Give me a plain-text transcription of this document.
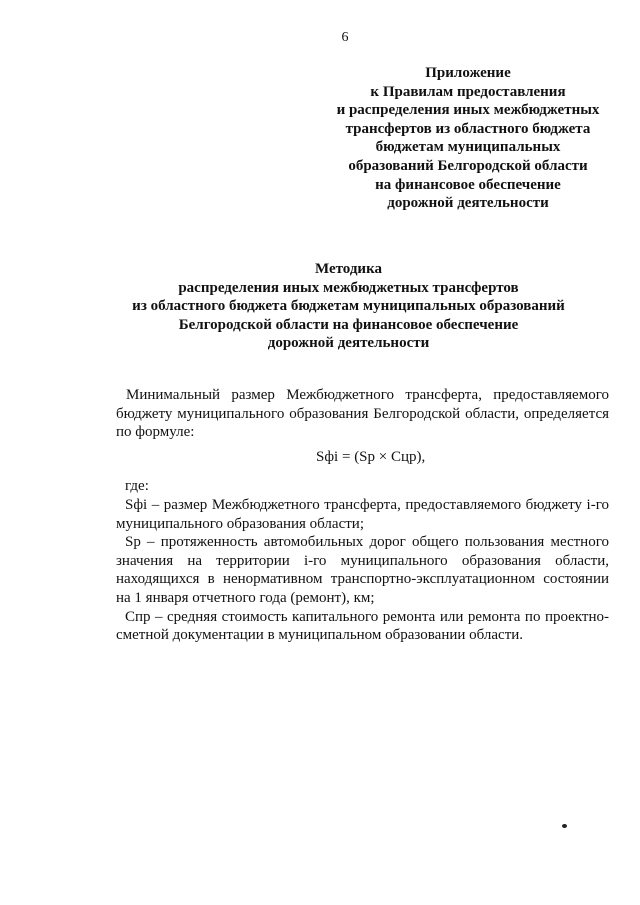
6
Приложение
к Правилам предоставления
и распределения иных межбюджетных
трансфертов из областного бюджета
бюджетам муниципальных
образований Белгородской области
на финансовое обеспечение
дорожной деятельности
Методика
распределения иных межбюджетных трансфертов
из областного бюджета бюджетам муниципальных образований
Белгородской области на финансовое обеспечение
дорожной деятельности
Минимальный размер Межбюджетного трансферта, предоставляемого бюджету муниципального образования Белгородской области, определяется по формуле:
Sфi = (Sp × Сцр),
где:
Sфi – размер Межбюджетного трансферта, предоставляемого бюджету i-го муниципального образования области;
Sp – протяженность автомобильных дорог общего пользования местного значения на территории i-го муниципального образования области, находящихся в ненормативном транспортно-эксплуатационном состоянии на 1 января отчетного года (ремонт), км;
Спр – средняя стоимость капитального ремонта или ремонта по проектно-сметной документации в муниципальном образовании области.
